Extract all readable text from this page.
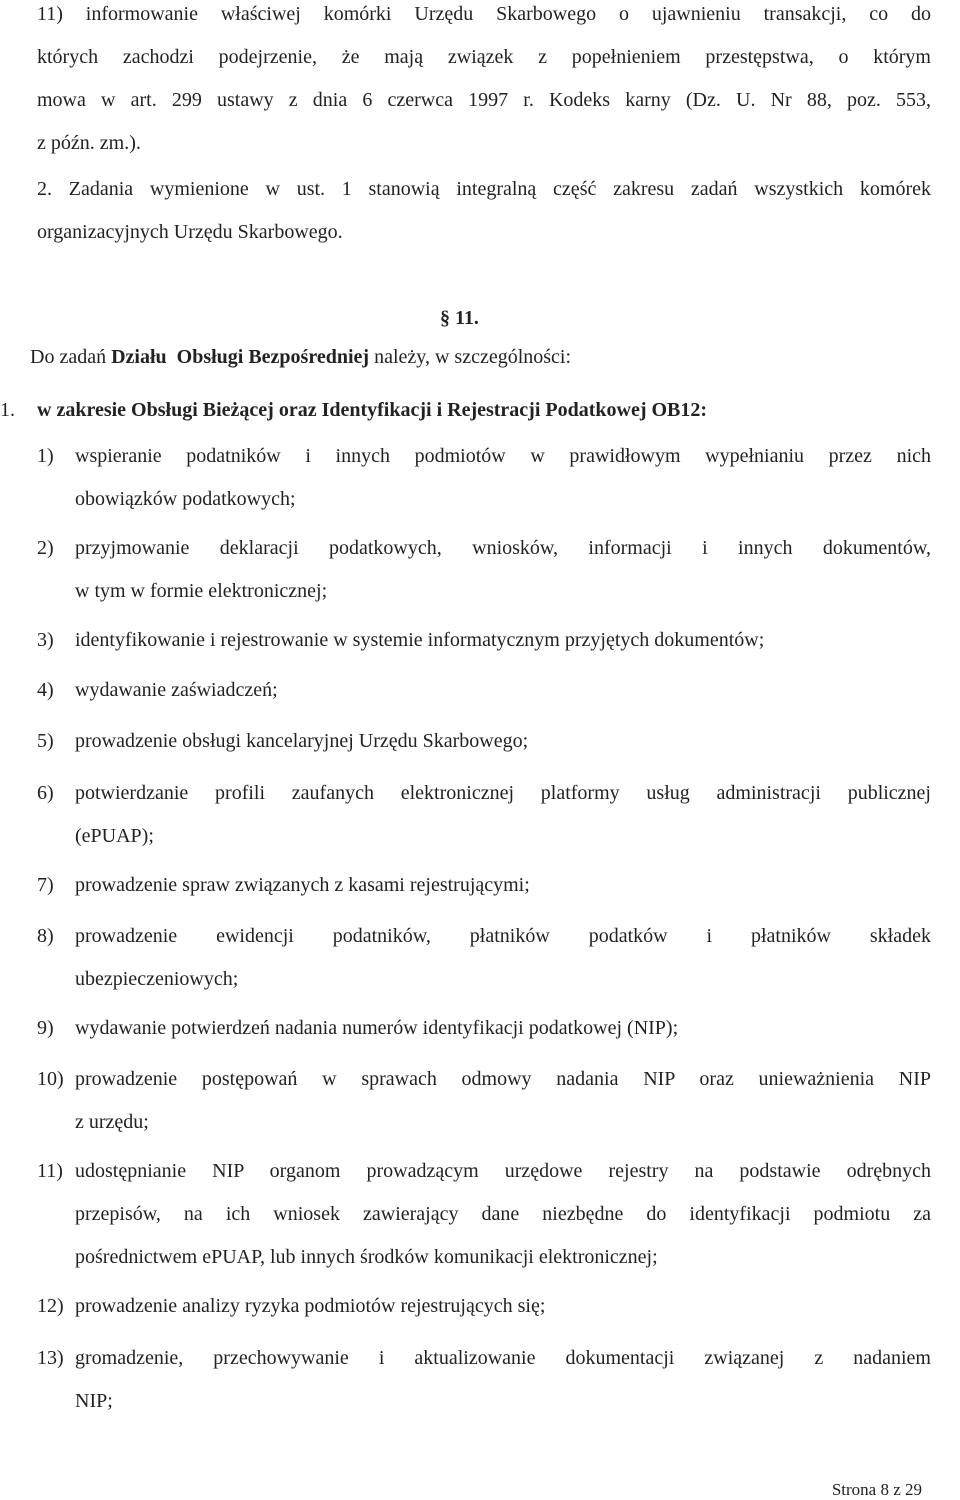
11) informowanie właściwej komórki Urzędu Skarbowego o ujawnieniu transakcji, co do
których zachodzi podejrzenie, że mają związek z popełnieniem przestępstwa, o którym
mowa w art. 299 ustawy z dnia 6 czerwca 1997 r. Kodeks karny (Dz. U. Nr 88, poz. 553,
z późn. zm.).
2. Zadania wymienione w ust. 1 stanowią integralną część zakresu zadań wszystkich komórek
organizacyjnych Urzędu Skarbowego.
§ 11.
Do zadań Działu  Obsługi Bezpośredniej należy, w szczególności:
1. w zakresie Obsługi Bieżącej oraz Identyfikacji i Rejestracji Podatkowej OB12:
1) wspieranie podatników i innych podmiotów w prawidłowym wypełnianiu przez nich
obowiązków podatkowych;
2) przyjmowanie deklaracji podatkowych, wniosków, informacji i innych dokumentów,
w tym w formie elektronicznej;
3) identyfikowanie i rejestrowanie w systemie informatycznym przyjętych dokumentów;
4) wydawanie zaświadczeń;
5) prowadzenie obsługi kancelaryjnej Urzędu Skarbowego;
6) potwierdzanie profili zaufanych elektronicznej platformy usług administracji publicznej
(ePUAP);
7) prowadzenie spraw związanych z kasami rejestrującymi;
8) prowadzenie ewidencji podatników, płatników podatków i płatników składek
ubezpieczeniowych;
9) wydawanie potwierdzeń nadania numerów identyfikacji podatkowej (NIP);
10) prowadzenie postępowań w sprawach odmowy nadania NIP oraz unieważnienia NIP
z urzędu;
11) udostępnianie NIP organom prowadzącym urzędowe rejestry na podstawie odrębnych
przepisów, na ich wniosek zawierający dane niezbędne do identyfikacji podmiotu za
pośrednictwem ePUAP, lub innych środków komunikacji elektronicznej;
12) prowadzenie analizy ryzyka podmiotów rejestrujących się;
13) gromadzenie, przechowywanie i aktualizowanie dokumentacji związanej z nadaniem
NIP;
Strona 8 z 29
